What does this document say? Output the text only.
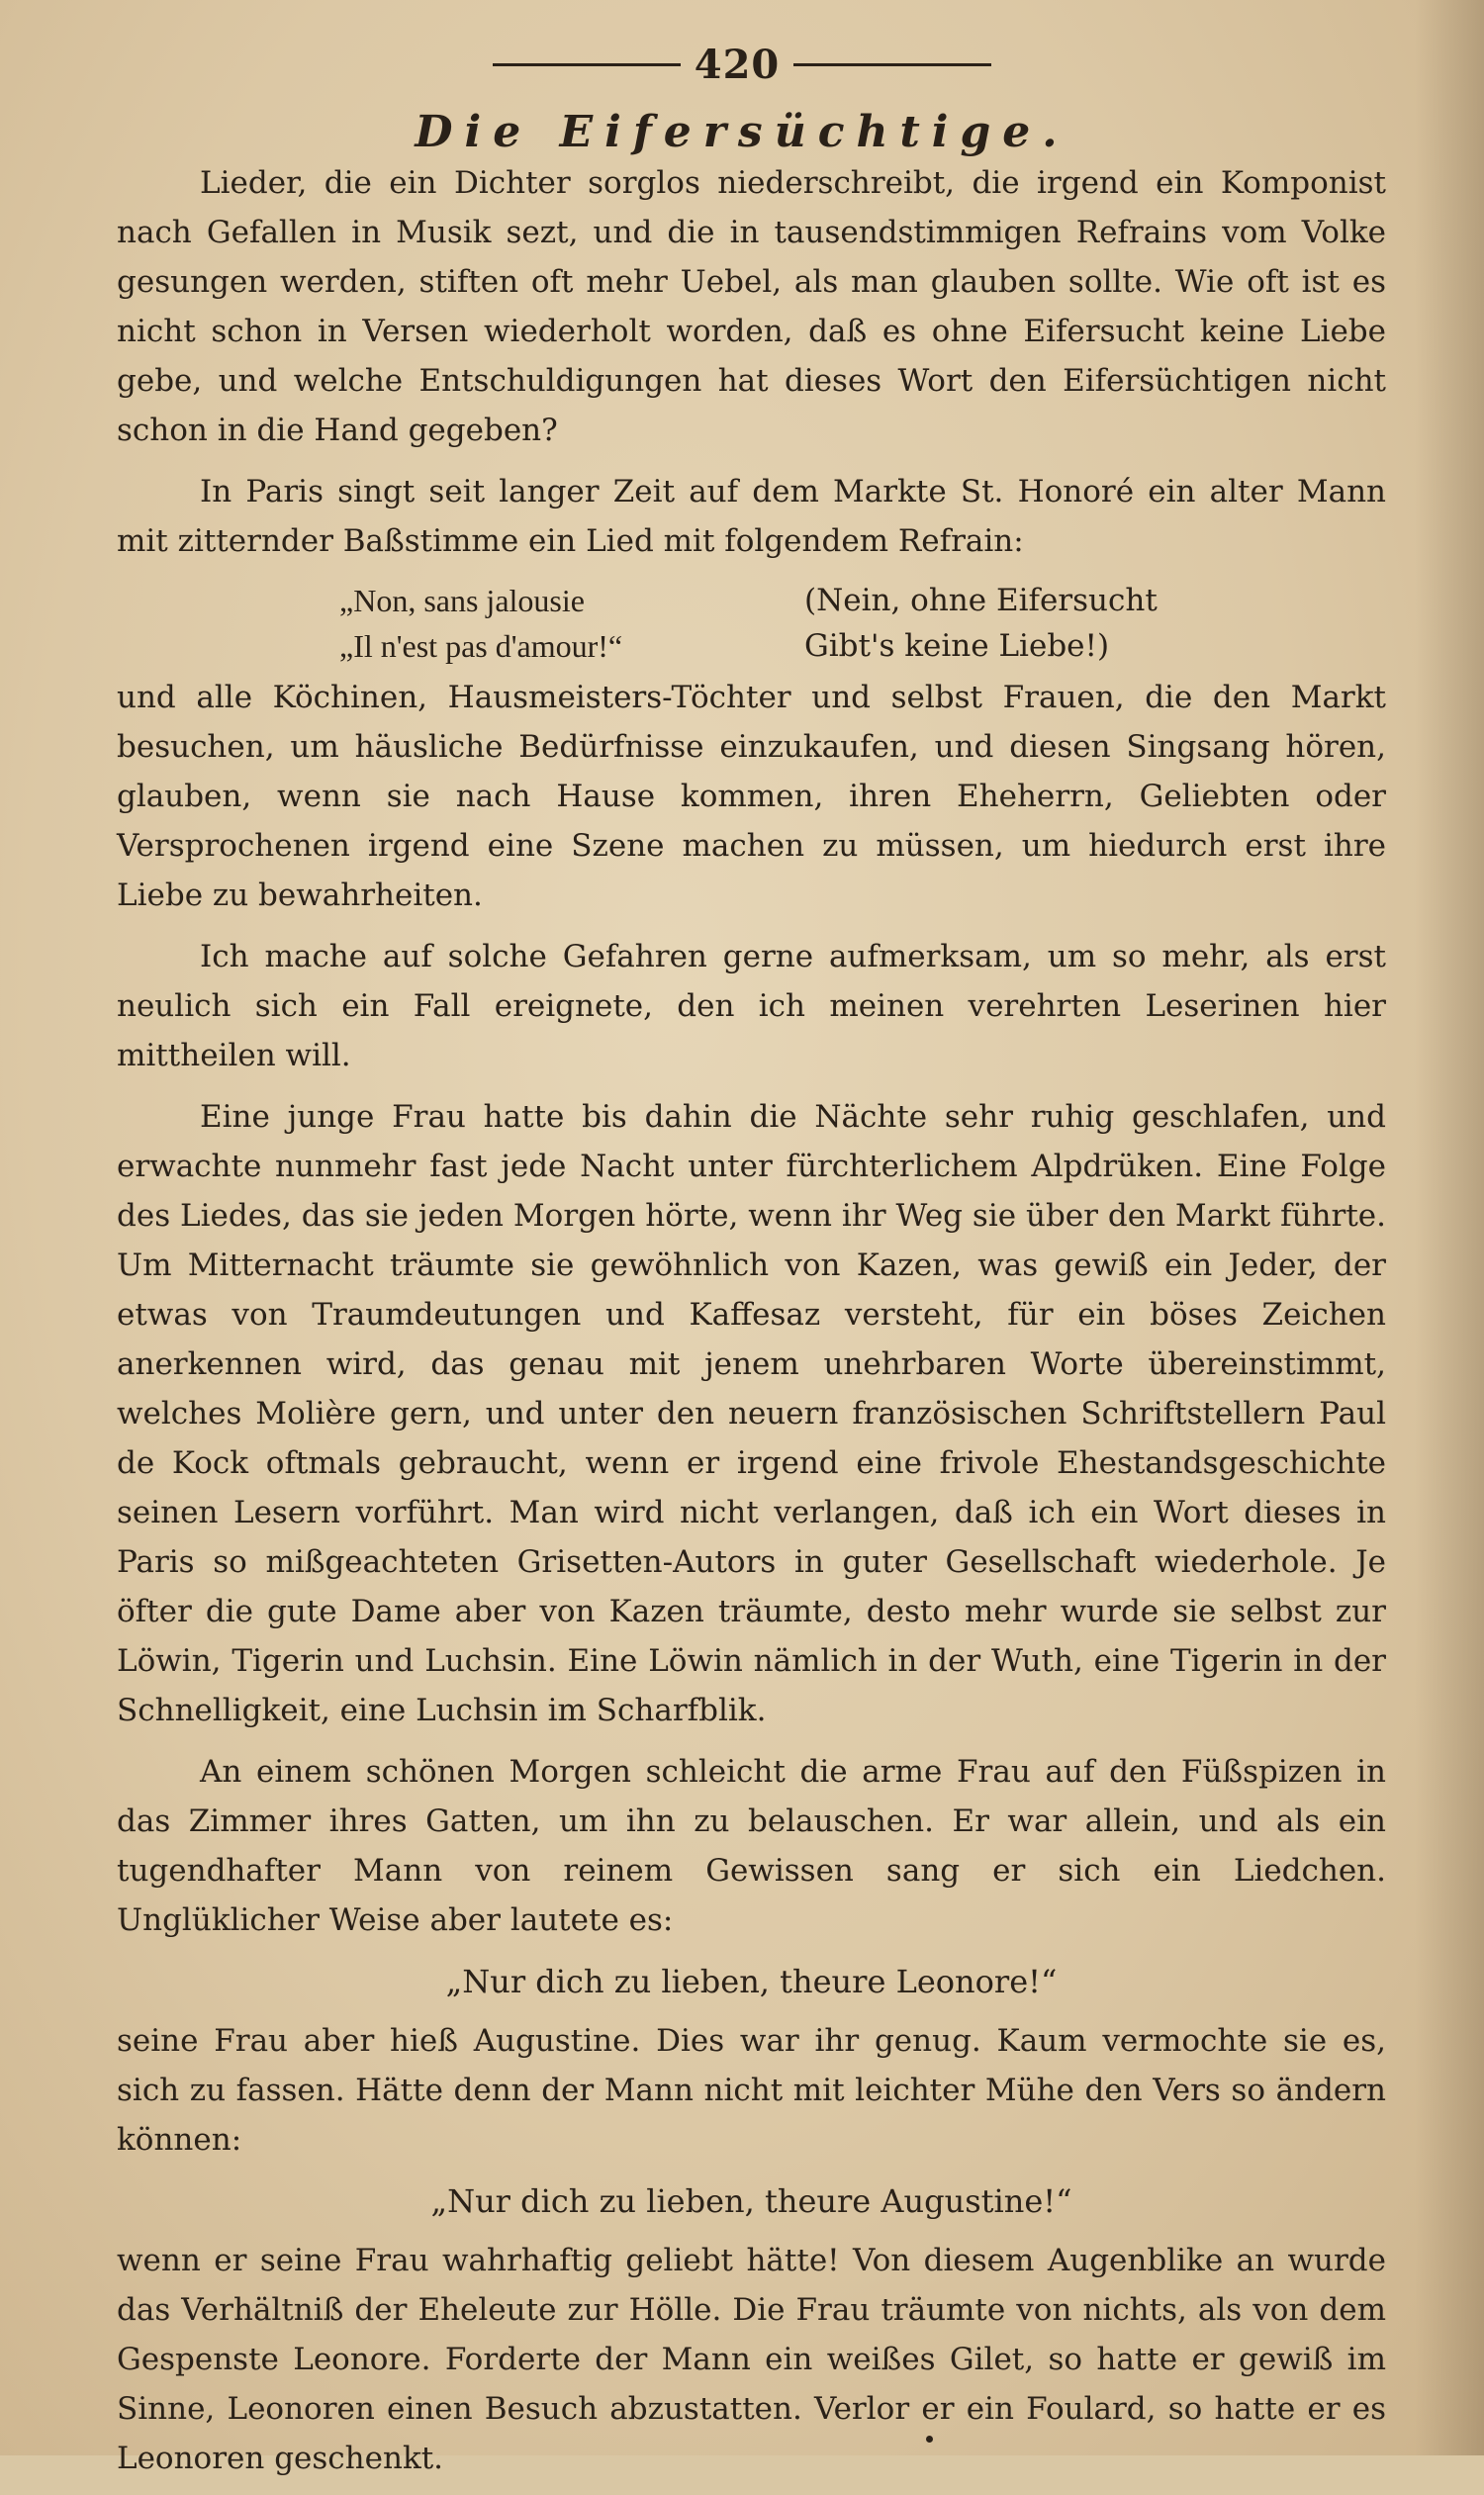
420
Die Eifersüchtige.

Lieder, die ein Dichter sorglos niederschreibt, die irgend ein Komponist nach Gefallen in Musik sezt, und die in tausendstimmigen Refrains vom Volke gesungen werden, stiften oft mehr Uebel, als man glauben sollte. Wie oft ist es nicht schon in Versen wiederholt worden, daß es ohne Eifersucht keine Liebe gebe, und welche Entschuldigungen hat dieses Wort den Eifersüchtigen nicht schon in die Hand gegeben?

In Paris singt seit langer Zeit auf dem Markte St. Honoré ein alter Mann mit zitternder Baßstimme ein Lied mit folgendem Refrain:

„Non, sans jalousie	(Nein, ohne Eifersucht
„Il n'est pas d'amour!“	Gibt's keine Liebe!)

und alle Köchinen, Hausmeisters-Töchter und selbst Frauen, die den Markt besuchen, um häusliche Bedürfnisse einzukaufen, und diesen Singsang hören, glauben, wenn sie nach Hause kommen, ihren Eheherrn, Geliebten oder Versprochenen irgend eine Szene machen zu müssen, um hiedurch erst ihre Liebe zu bewahrheiten.

Ich mache auf solche Gefahren gerne aufmerksam, um so mehr, als erst neulich sich ein Fall ereignete, den ich meinen verehrten Leserinen hier mittheilen will.

Eine junge Frau hatte bis dahin die Nächte sehr ruhig geschlafen, und erwachte nunmehr fast jede Nacht unter fürchterlichem Alpdrüken. Eine Folge des Liedes, das sie jeden Morgen hörte, wenn ihr Weg sie über den Markt führte. Um Mitternacht träumte sie gewöhnlich von Kazen, was gewiß ein Jeder, der etwas von Traumdeutungen und Kaffesaz versteht, für ein böses Zeichen anerkennen wird, das genau mit jenem unehrbaren Worte übereinstimmt, welches Molière gern, und unter den neuern französischen Schriftstellern Paul de Kock oftmals gebraucht, wenn er irgend eine frivole Ehestandsgeschichte seinen Lesern vorführt. Man wird nicht verlangen, daß ich ein Wort dieses in Paris so mißgeachteten Grisetten-Autors in guter Gesellschaft wiederhole. Je öfter die gute Dame aber von Kazen träumte, desto mehr wurde sie selbst zur Löwin, Tigerin und Luchsin. Eine Löwin nämlich in der Wuth, eine Tigerin in der Schnelligkeit, eine Luchsin im Scharfblik.

An einem schönen Morgen schleicht die arme Frau auf den Füßspizen in das Zimmer ihres Gatten, um ihn zu belauschen. Er war allein, und als ein tugendhafter Mann von reinem Gewissen sang er sich ein Liedchen. Unglüklicher Weise aber lautete es:

„Nur dich zu lieben, theure Leonore!“

seine Frau aber hieß Augustine. Dies war ihr genug. Kaum vermochte sie es, sich zu fassen. Hätte denn der Mann nicht mit leichter Mühe den Vers so ändern können:

„Nur dich zu lieben, theure Augustine!“

wenn er seine Frau wahrhaftig geliebt hätte! Von diesem Augenblike an wurde das Verhältniß der Eheleute zur Hölle. Die Frau träumte von nichts, als von dem Gespenste Leonore. Forderte der Mann ein weißes Gilet, so hatte er gewiß im Sinne, Leonoren einen Besuch abzustatten. Verlor er ein Foulard, so hatte er es Leonoren geschenkt.
